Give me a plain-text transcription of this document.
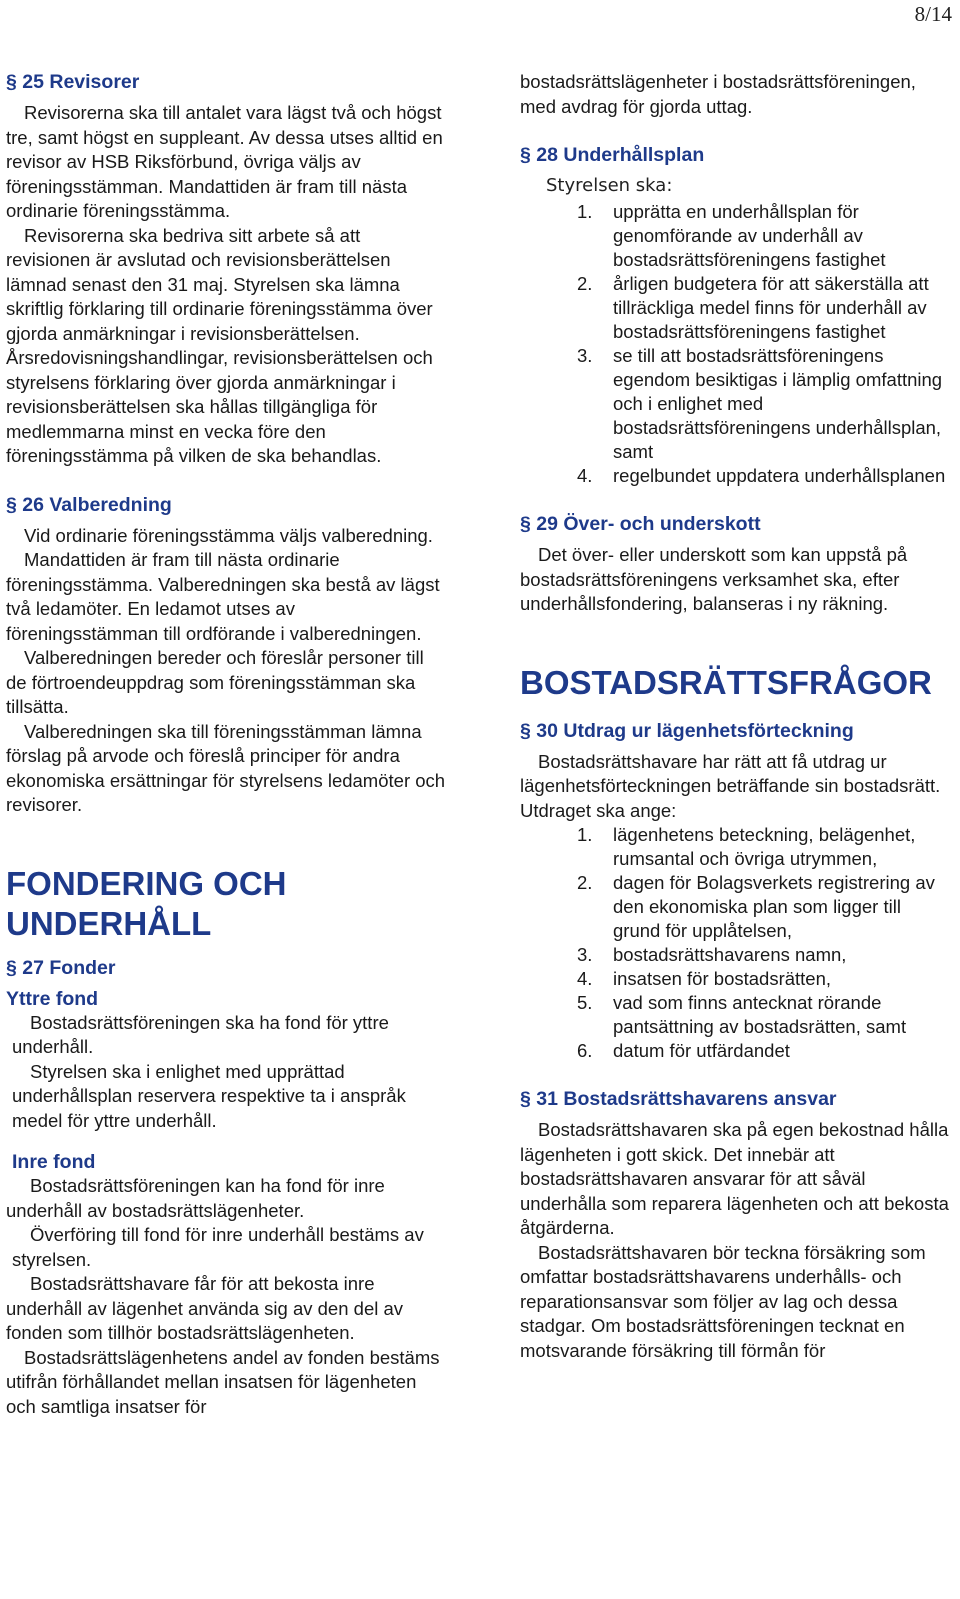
8/14
§ 25 Revisorer

Revisorerna ska till antalet vara lägst två och högst tre, samt högst en suppleant. Av dessa utses alltid en revisor av HSB Riksförbund, övriga väljs av föreningsstämman. Mandattiden är fram till nästa ordinarie föreningsstämma.

Revisorerna ska bedriva sitt arbete så att revisionen är avslutad och revisionsberättelsen lämnad senast den 31 maj. Styrelsen ska lämna skriftlig förklaring till ordinarie föreningsstämma över gjorda anmärkningar i revisionsberättelsen.

Årsredovisningshandlingar, revisionsberättelsen och styrelsens förklaring över gjorda anmärkningar i revisionsberättelsen ska hållas tillgängliga för medlemmarna minst en vecka före den föreningsstämma på vilken de ska behandlas.

§ 26 Valberedning

Vid ordinarie föreningsstämma väljs valberedning.

Mandattiden är fram till nästa ordinarie föreningsstämma. Valberedningen ska bestå av lägst två ledamöter. En ledamot utses av föreningsstämman till ordförande i valberedningen.

Valberedningen bereder och föreslår personer till de förtroendeuppdrag som föreningsstämman ska tillsätta.

Valberedningen ska till föreningsstämman lämna förslag på arvode och föreslå principer för andra ekonomiska ersättningar för styrelsens ledamöter och revisorer.

FONDERING OCH UNDERHÅLL
§ 27 Fonder
Yttre fond

Bostadsrättsföreningen ska ha fond för yttre underhåll.

Styrelsen ska i enlighet med upprättad underhållsplan reservera respektive ta i anspråk medel för yttre underhåll.

Inre fond

Bostadsrättsföreningen kan ha fond för inre underhåll av bostadsrättslägenheter.

Överföring till fond för inre underhåll bestäms av styrelsen.

Bostadsrättshavare får för att bekosta inre underhåll av lägenhet använda sig av den del av fonden som tillhör bostadsrättslägenheten.

Bostadsrättslägenhetens andel av fonden bestäms utifrån förhållandet mellan insatsen för lägenheten och samtliga insatser för

bostadsrättslägenheter i bostadsrättsföreningen, med avdrag för gjorda uttag.

§ 28 Underhållsplan
Styrelsen ska:
1. upprätta en underhållsplan för genomförande av underhåll av bostadsrättsföreningens fastighet
2. årligen budgetera för att säkerställa att tillräckliga medel finns för underhåll av bostadsrättsföreningens fastighet
3. se till att bostadsrättsföreningens egendom besiktigas i lämplig omfattning och i enlighet med bostadsrättsföreningens underhållsplan, samt
4. regelbundet uppdatera underhållsplanen
§ 29 Över- och underskott

Det över- eller underskott som kan uppstå på bostadsrättsföreningens verksamhet ska, efter underhållsfondering, balanseras i ny räkning.

BOSTADSRÄTTSFRÅGOR
§ 30 Utdrag ur lägenhetsförteckning

Bostadsrättshavare har rätt att få utdrag ur lägenhetsförteckningen beträffande sin bostadsrätt. Utdraget ska ange:

1. lägenhetens beteckning, belägenhet, rumsantal och övriga utrymmen,
2. dagen för Bolagsverkets registrering av den ekonomiska plan som ligger till grund för upplåtelsen,
3. bostadsrättshavarens namn,
4. insatsen för bostadsrätten,
5. vad som finns antecknat rörande pantsättning av bostadsrätten, samt
6. datum för utfärdandet
§ 31 Bostadsrättshavarens ansvar

Bostadsrättshavaren ska på egen bekostnad hålla lägenheten i gott skick. Det innebär att bostadsrättshavaren ansvarar för att såväl underhålla som reparera lägenheten och att bekosta åtgärderna.

Bostadsrättshavaren bör teckna försäkring som omfattar bostadsrättshavarens underhålls- och reparationsansvar som följer av lag och dessa stadgar. Om bostadsrättsföreningen tecknat en motsvarande försäkring till förmån för
